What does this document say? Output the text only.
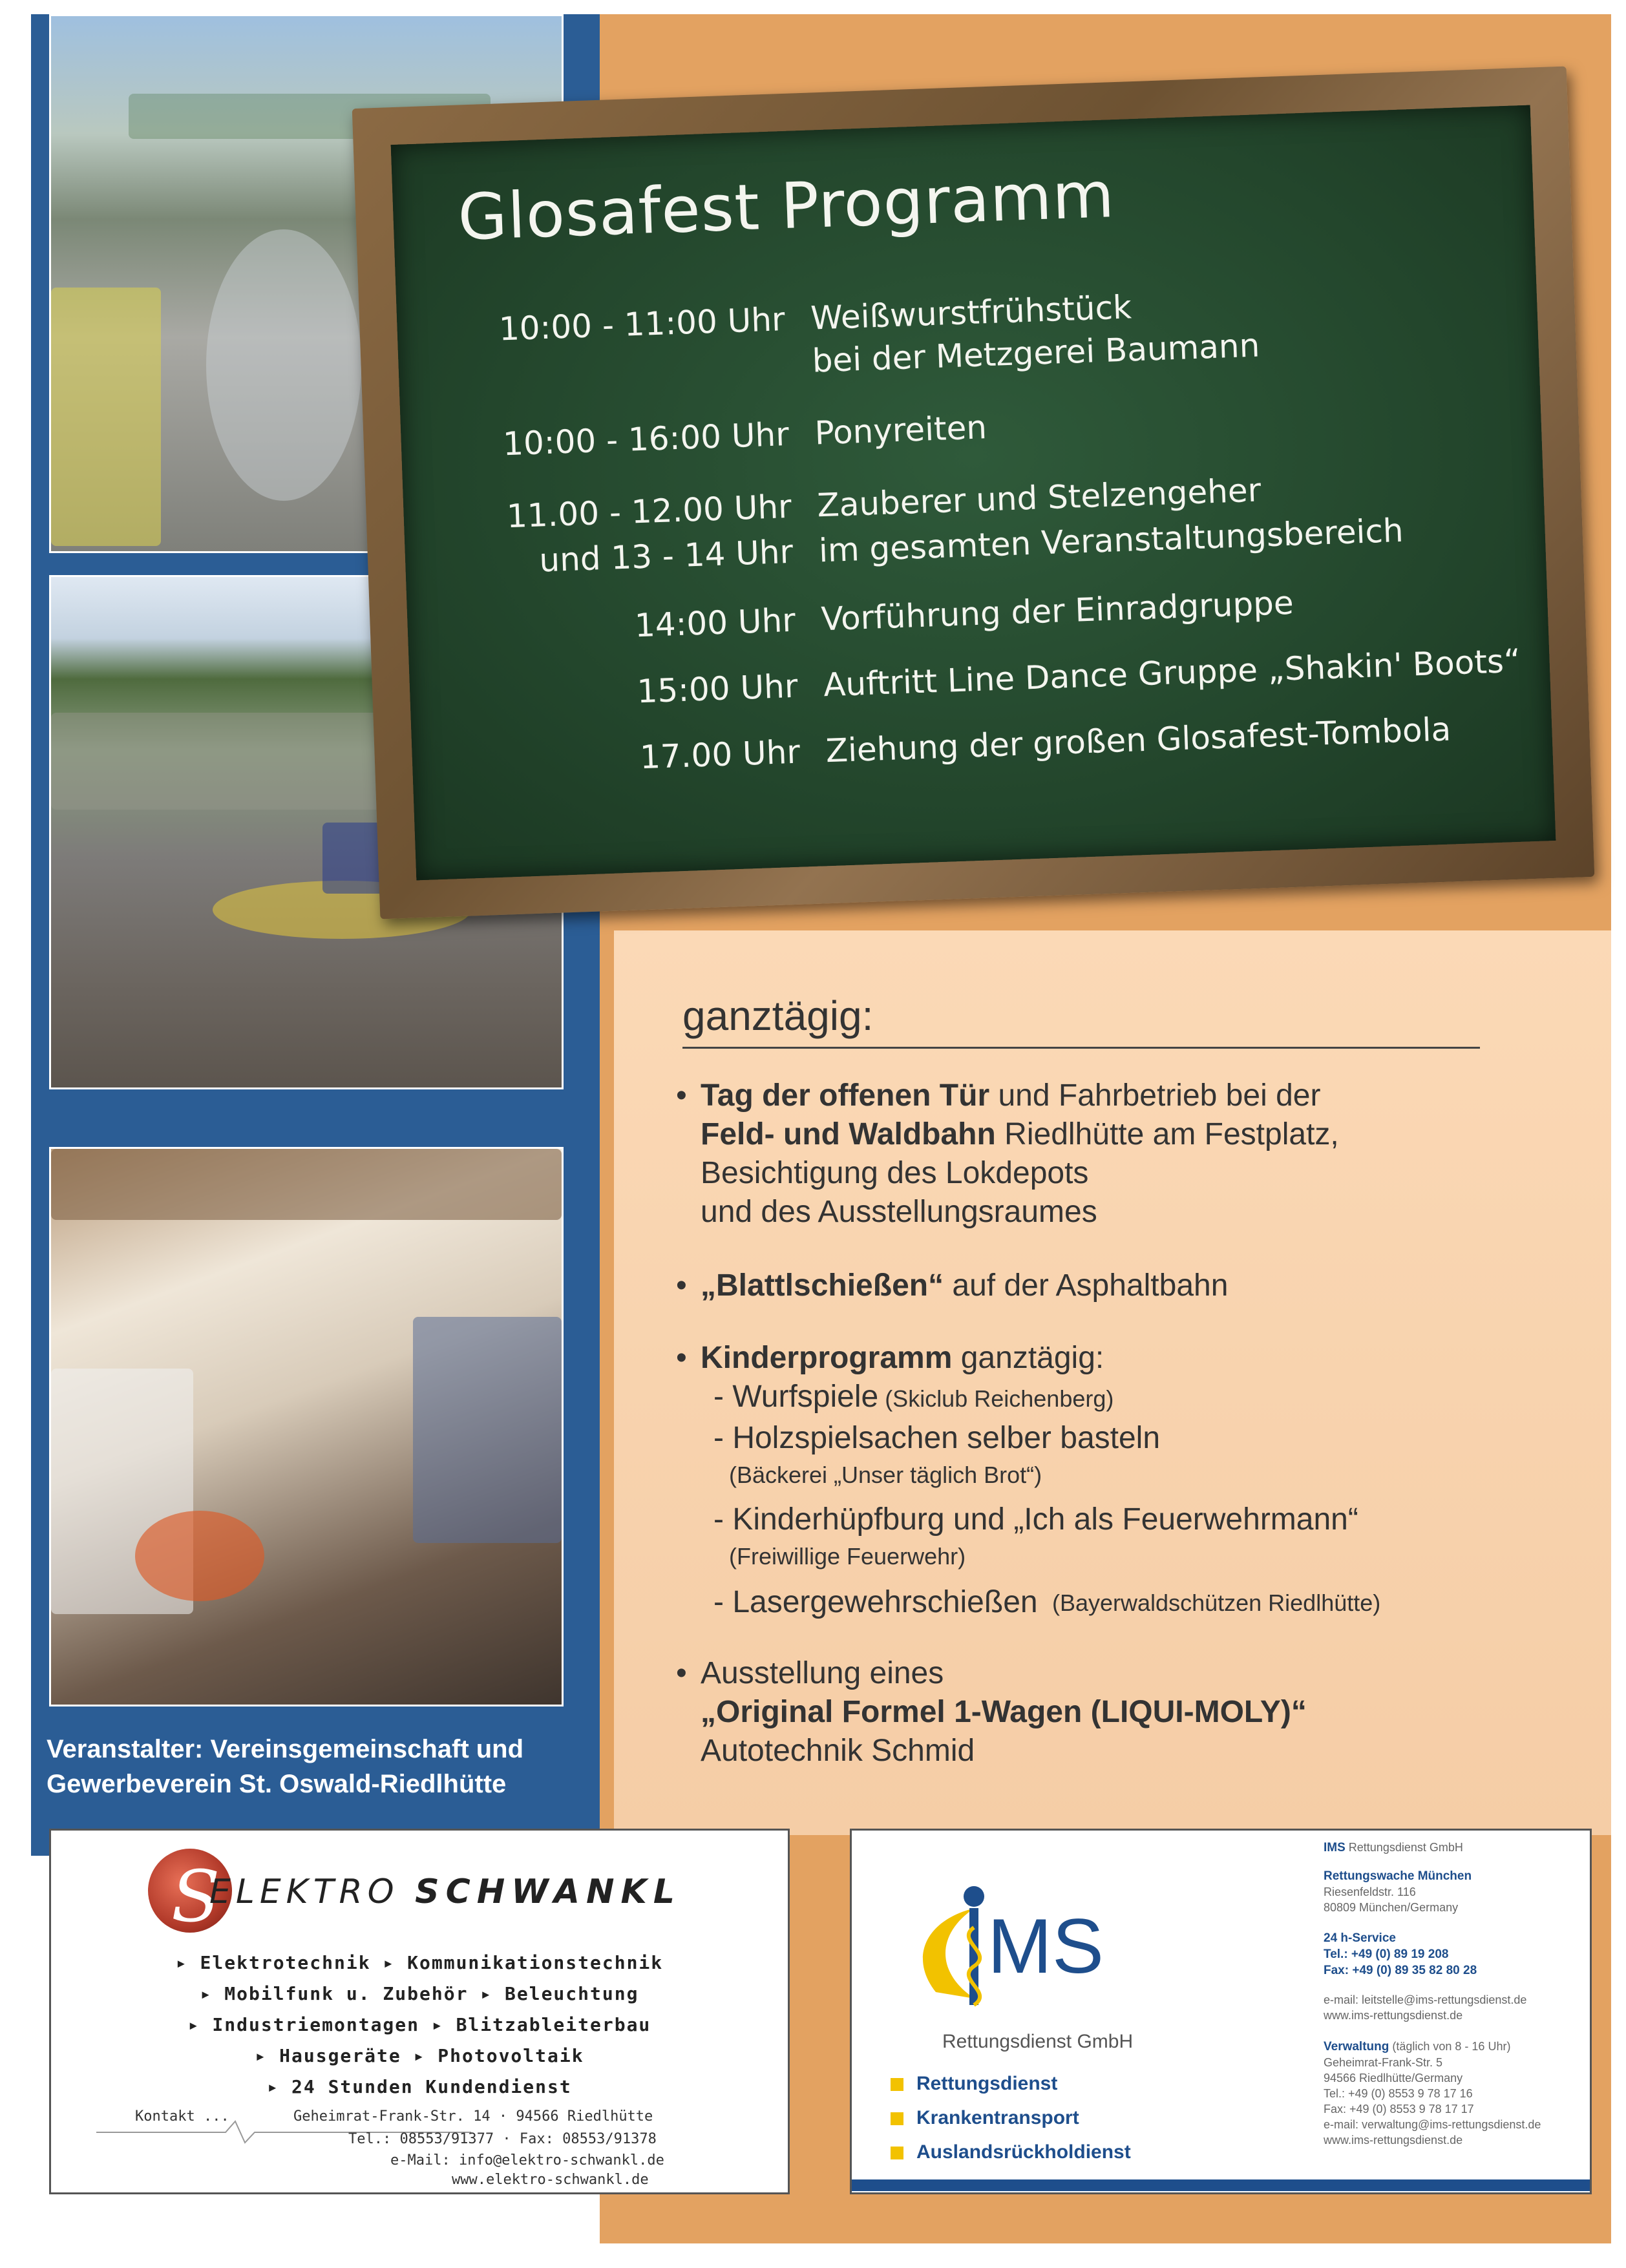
Glosafest Programm
10:00 - 11:00 Uhr Weißwurstfrühstück
bei der Metzgerei Baumann
10:00 - 16:00 Uhr Ponyreiten
11.00 - 12.00 Uhr Zauberer und Stelzengeher
und 13 - 14 Uhr im gesamten Veranstaltungsbereich
14:00 Uhr Vorführung der Einradgruppe
15:00 Uhr Auftritt Line Dance Gruppe „Shakin' Boots“
17.00 Uhr Ziehung der großen Glosafest-Tombola
ganztägig:
• Tag der offenen Tür und Fahrbetrieb bei der
Feld- und Waldbahn Riedlhütte am Festplatz,
Besichtigung des Lokdepots
und des Ausstellungsraumes
• „Blattlschießen“ auf der Asphaltbahn
• Kinderprogramm ganztägig:
- Wurfspiele (Skiclub Reichenberg)
- Holzspielsachen selber basteln
(Bäckerei „Unser täglich Brot“)
- Kinderhüpfburg und „Ich als Feuerwehrmann“
(Freiwillige Feuerwehr)
- Lasergewehrschießen (Bayerwaldschützen Riedlhütte)
• Ausstellung eines
„Original Formel 1-Wagen (LIQUI-MOLY)“
Autotechnik Schmid
Veranstalter: Vereinsgemeinschaft und
Gewerbeverein St. Oswald-Riedlhütte
S
ELEKTRO SCHWANKL
▸ Elektrotechnik ▸ Kommunikationstechnik
▸ Mobilfunk u. Zubehör ▸ Beleuchtung
▸ Industriemontagen ▸ Blitzableiterbau
▸ Hausgeräte ▸ Photovoltaik
▸ 24 Stunden Kundendienst
Kontakt ...	Geheimrat-Frank-Str. 14 · 94566 Riedlhütte
Tel.: 08553/91377 · Fax: 08553/91378
e-Mail: info@elektro-schwankl.de
www.elektro-schwankl.de
MS
Rettungsdienst GmbH
Rettungsdienst
Krankentransport
Auslandsrückholdienst
IMS Rettungsdienst GmbH
Rettungswache München
Riesenfeldstr. 116
80809 München/Germany
24 h-Service
Tel.: +49 (0) 89 19 208
Fax: +49 (0) 89 35 82 80 28
e-mail: leitstelle@ims-rettungsdienst.de
www.ims-rettungsdienst.de
Verwaltung (täglich von 8 - 16 Uhr)
Geheimrat-Frank-Str. 5
94566 Riedlhütte/Germany
Tel.: +49 (0) 8553 9 78 17 16
Fax: +49 (0) 8553 9 78 17 17
e-mail: verwaltung@ims-rettungsdienst.de
www.ims-rettungsdienst.de
